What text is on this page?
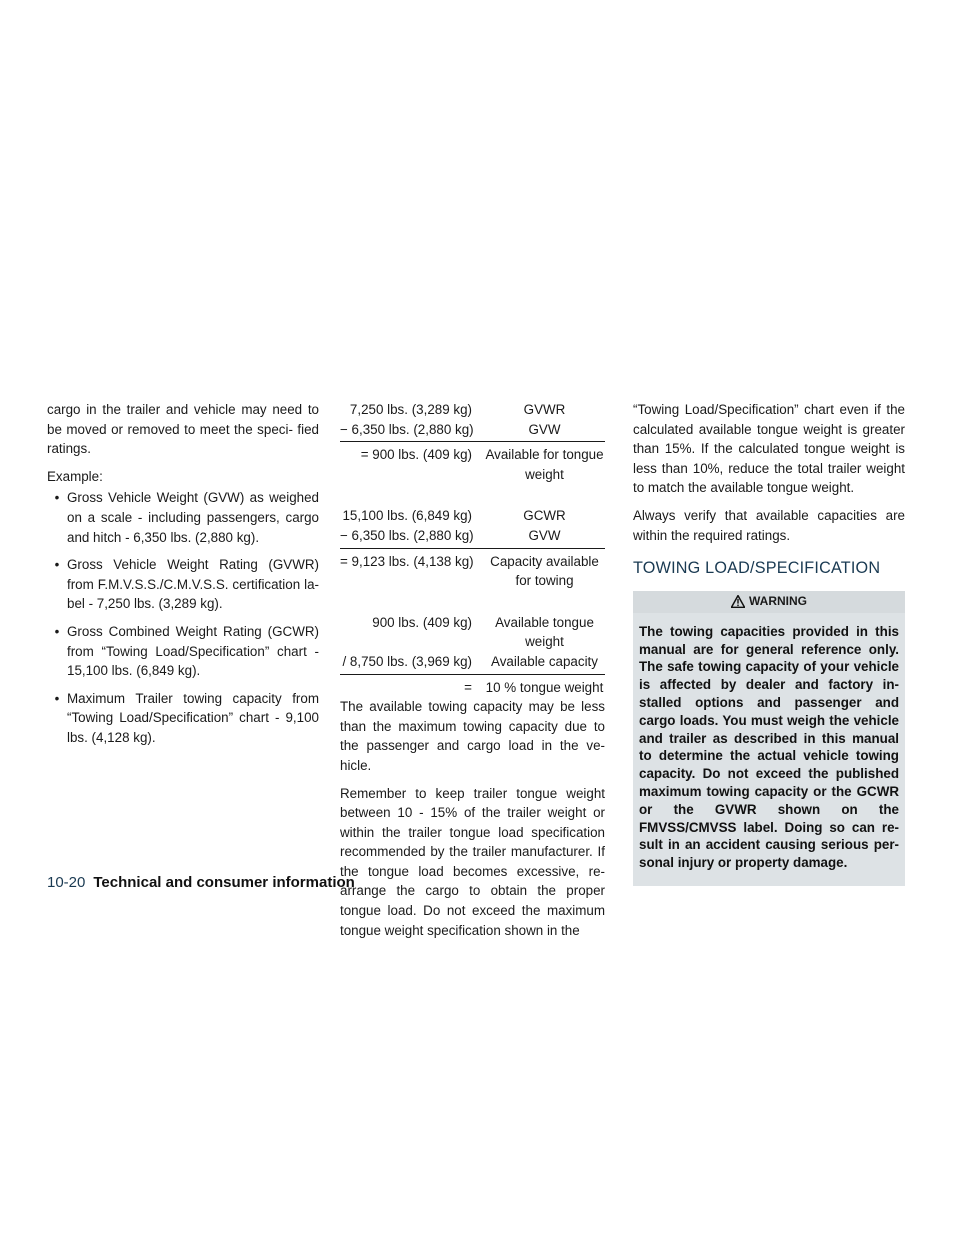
cargo in the trailer and vehicle may need to be moved or removed to meet the speci- fied ratings.

Example:

• Gross Vehicle Weight (GVW) as weighed on a scale - including passengers, cargo and hitch - 6,350 lbs. (2,880 kg).
• Gross Vehicle Weight Rating (GVWR) from F.M.V.S.S./C.M.V.S.S. certification la- bel - 7,250 lbs. (3,289 kg).
• Gross Combined Weight Rating (GCWR) from “Towing Load/Specification” chart - 15,100 lbs. (6,849 kg).
• Maximum Trailer towing capacity from “Towing Load/Specification” chart - 9,100 lbs. (4,128 kg).
7,250 lbs. (3,289 kg)	GVWR
− 6,350 lbs. (2,880 kg)	GVW
= 900 lbs. (409 kg)	Available for tongue weight
15,100 lbs. (6,849 kg)	GCWR
− 6,350 lbs. (2,880 kg)	GVW
= 9,123 lbs. (4,138 kg)	Capacity available for towing
900 lbs. (409 kg)	Available tongue weight
/ 8,750 lbs. (3,969 kg)	Available capacity
=	10 % tongue weight

The available towing capacity may be less than the maximum towing capacity due to the passenger and cargo load in the ve- hicle.

Remember to keep trailer tongue weight between 10 - 15% of the trailer weight or within the trailer tongue load specification recommended by the trailer manufacturer. If the tongue load becomes excessive, re- arrange the cargo to obtain the proper tongue load. Do not exceed the maximum tongue weight specification shown in the

“Towing Load/Specification” chart even if the calculated available tongue weight is greater than 15%. If the calculated tongue weight is less than 10%, reduce the total trailer weight to match the available tongue weight.

Always verify that available capacities are within the required ratings.

TOWING LOAD/SPECIFICATION
WARNING

The towing capacities provided in this manual are for general reference only. The safe towing capacity of your vehicle is affected by dealer and factory in- stalled options and passenger and cargo loads. You must weigh the vehicle and trailer as described in this manual to determine the actual vehicle towing capacity. Do not exceed the published maximum towing capacity or the GCWR or the GVWR shown on the FMVSS/CMVSS label. Doing so can re- sult in an accident causing serious per- sonal injury or property damage.

10-20 Technical and consumer information
